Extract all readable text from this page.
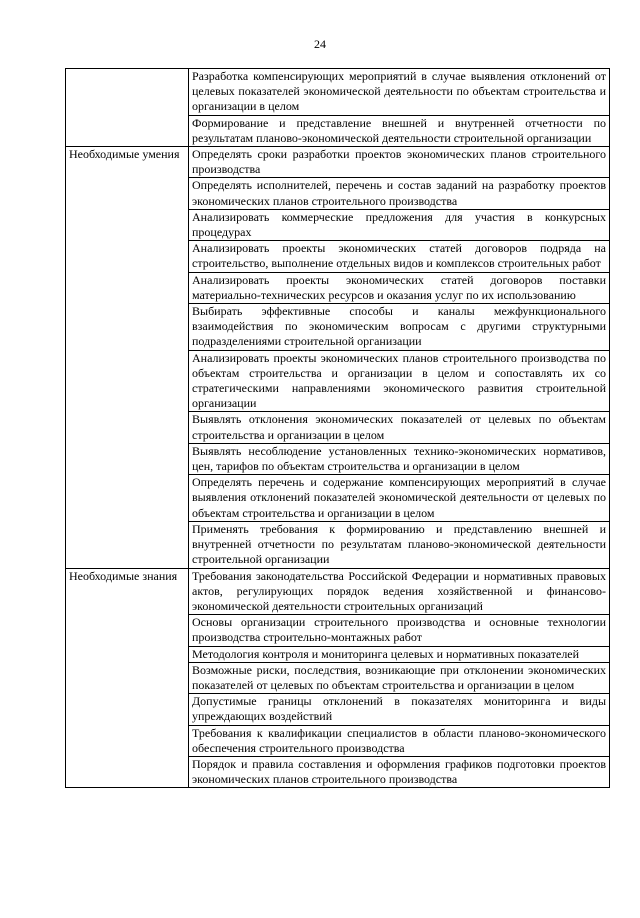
24
	Разработка компенсирующих мероприятий в случае выявления отклонений от целевых показателей экономической деятельности по объектам строительства и организации в целом
	Формирование и представление внешней и внутренней отчетности по результатам планово-экономической деятельности строительной организации
Необходимые умения	Определять сроки разработки проектов экономических планов строительного производства
	Определять исполнителей, перечень и состав заданий на разработку проектов экономических планов строительного производства
	Анализировать коммерческие предложения для участия в конкурсных процедурах
	Анализировать проекты экономических статей договоров подряда на строительство, выполнение отдельных видов и комплексов строительных работ
	Анализировать проекты экономических статей договоров поставки материально-технических ресурсов и оказания услуг по их использованию
	Выбирать эффективные способы и каналы межфункционального взаимодействия по экономическим вопросам с другими структурными подразделениями строительной организации
	Анализировать проекты экономических планов строительного производства по объектам строительства и организации в целом и сопоставлять их со стратегическими направлениями экономического развития строительной организации
	Выявлять отклонения экономических показателей от целевых по объектам строительства и организации в целом
	Выявлять несоблюдение установленных технико-экономических нормативов, цен, тарифов по объектам строительства и организации в целом
	Определять перечень и содержание компенсирующих мероприятий в случае выявления отклонений показателей экономической деятельности от целевых по объектам строительства и организации в целом
	Применять требования к формированию и представлению внешней и внутренней отчетности по результатам планово-экономической деятельности строительной организации
Необходимые знания	Требования законодательства Российской Федерации и нормативных правовых актов, регулирующих порядок ведения хозяйственной и финансово-экономической деятельности строительных организаций
	Основы организации строительного производства и основные технологии производства строительно-монтажных работ
	Методология контроля и мониторинга целевых и нормативных показателей
	Возможные риски, последствия, возникающие при отклонении экономических показателей от целевых по объектам строительства и организации в целом
	Допустимые границы отклонений в показателях мониторинга и виды упреждающих воздействий
	Требования к квалификации специалистов в области планово-экономического обеспечения строительного производства
	Порядок и правила составления и оформления графиков подготовки проектов экономических планов строительного производства
